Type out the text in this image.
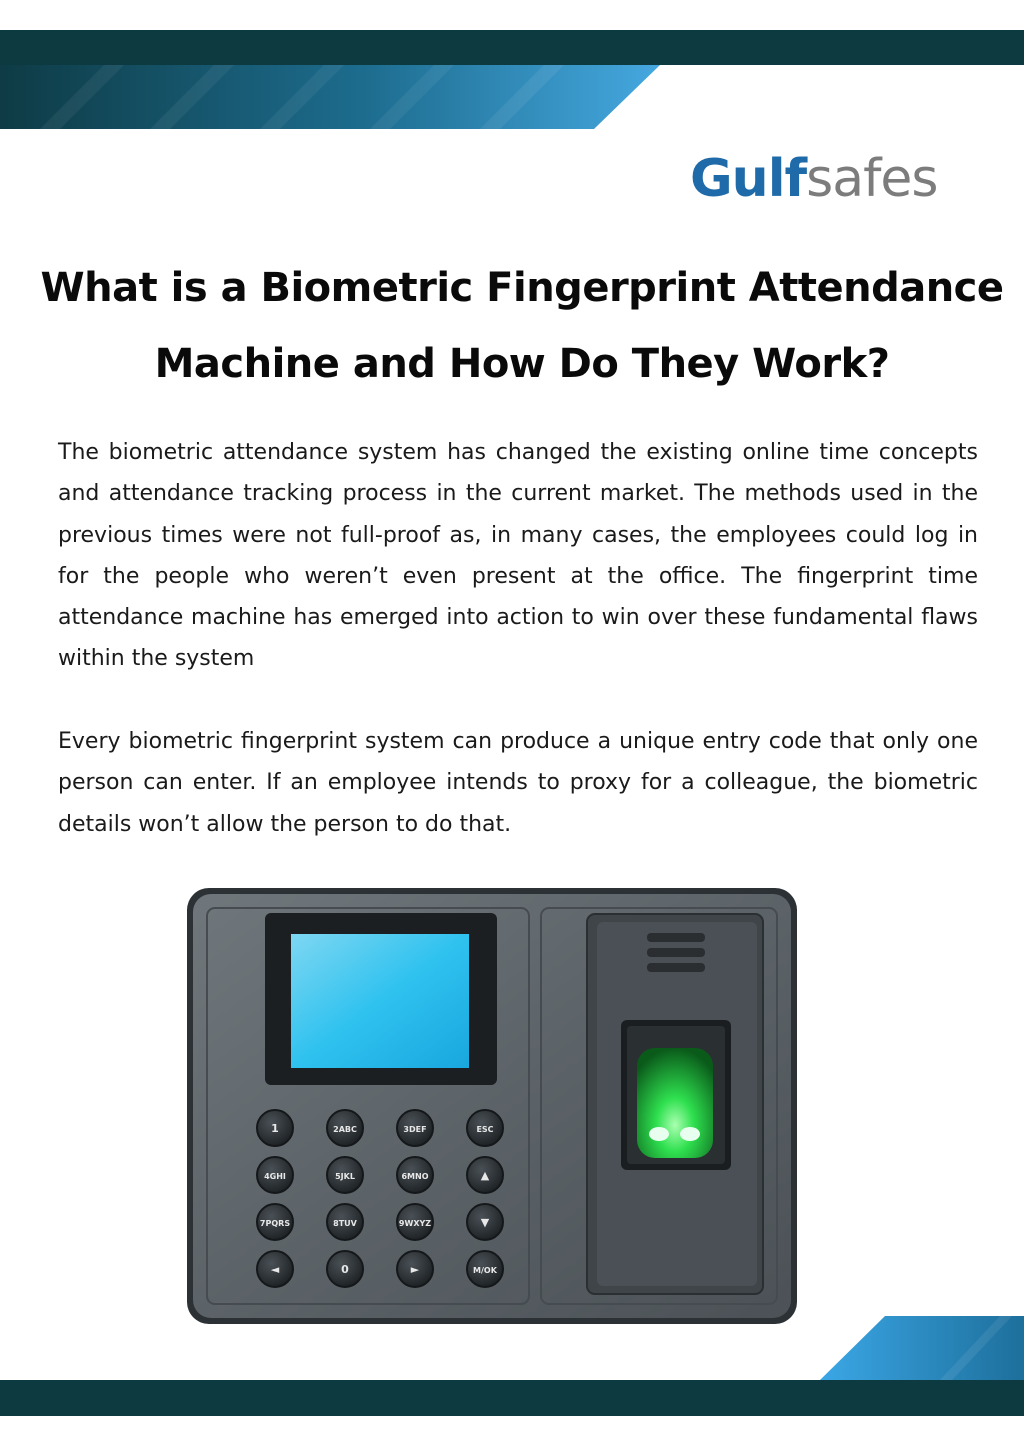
Gulfsafes
What is a Biometric Fingerprint Attendance Machine and How Do They Work?

The biometric attendance system has changed the existing online time concepts and attendance tracking process in the current market. The methods used in the previous times were not full-proof as, in many cases, the employees could log in for the people who weren’t even present at the office. The fingerprint time attendance machine has emerged into action to win over these fundamental flaws within the system

Every biometric fingerprint system can produce a unique entry code that only one person can enter. If an employee intends to proxy for a colleague, the biometric details won’t allow the person to do that.

1	2ABC	3DEF	ESC
4GHI	5JKL	6MNO	▲
7PQRS	8TUV	9WXYZ	▼
◄	0	►	M/OK
